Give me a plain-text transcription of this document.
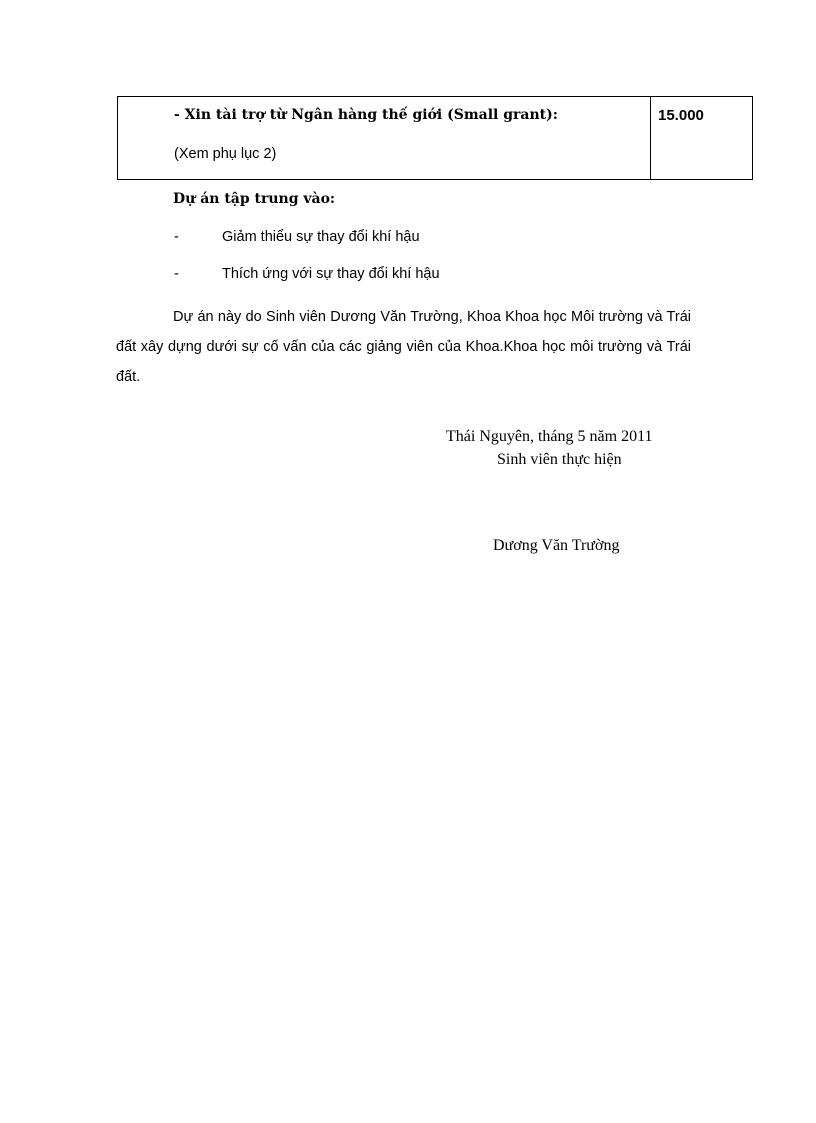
- Xin tài trợ từ Ngân hàng thế giới (Small grant):
(Xem phụ lục 2)
15.000
Dự án tập trung vào:
-	Giảm thiểu sự thay đổi khí hậu
-	Thích ứng với sự thay đổi khí hậu

Dự án này do Sinh viên Dương Văn Trường, Khoa Khoa học Môi trường và Trái đất xây dựng dưới sự cố vấn của các giảng viên của Khoa.Khoa học môi trường và Trái đất.

Thái Nguyên, tháng 5 năm 2011
Sinh viên thực hiện
Dương Văn Trường
